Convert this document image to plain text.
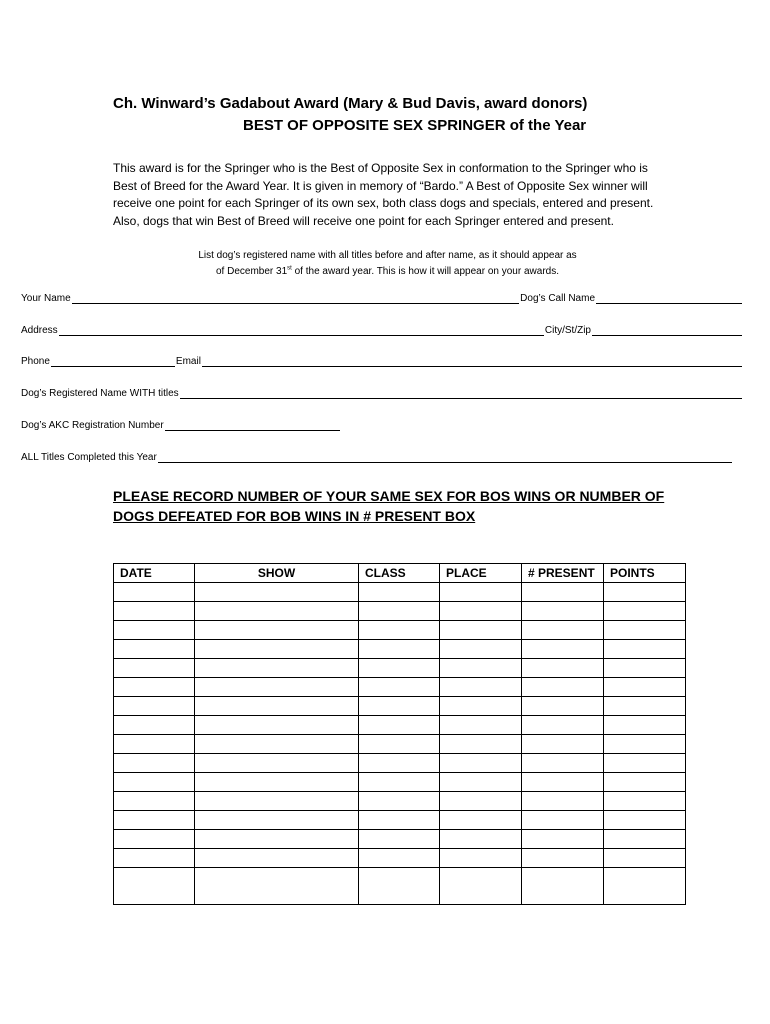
Ch. Winward’s Gadabout Award (Mary & Bud Davis, award donors)
BEST OF OPPOSITE SEX SPRINGER of the Year
This award is for the Springer who is the Best of Opposite Sex in conformation to the Springer who is
Best of Breed for the Award Year. It is given in memory of “Bardo.” A Best of Opposite Sex winner will
receive one point for each Springer of its own sex, both class dogs and specials, entered and present.
Also, dogs that win Best of Breed will receive one point for each Springer entered and present.
List dog’s registered name with all titles before and after name, as it should appear as
of December 31st of the award year. This is how it will appear on your awards.
Your Name	Dog’s Call Name
Address	City/St/Zip
Phone	Email
Dog’s Registered Name WITH titles
Dog’s AKC Registration Number
ALL Titles Completed this Year
PLEASE RECORD NUMBER OF YOUR SAME SEX FOR BOS WINS OR NUMBER OF
DOGS DEFEATED FOR BOB WINS IN # PRESENT BOX
DATE	SHOW	CLASS	PLACE	# PRESENT	POINTS
